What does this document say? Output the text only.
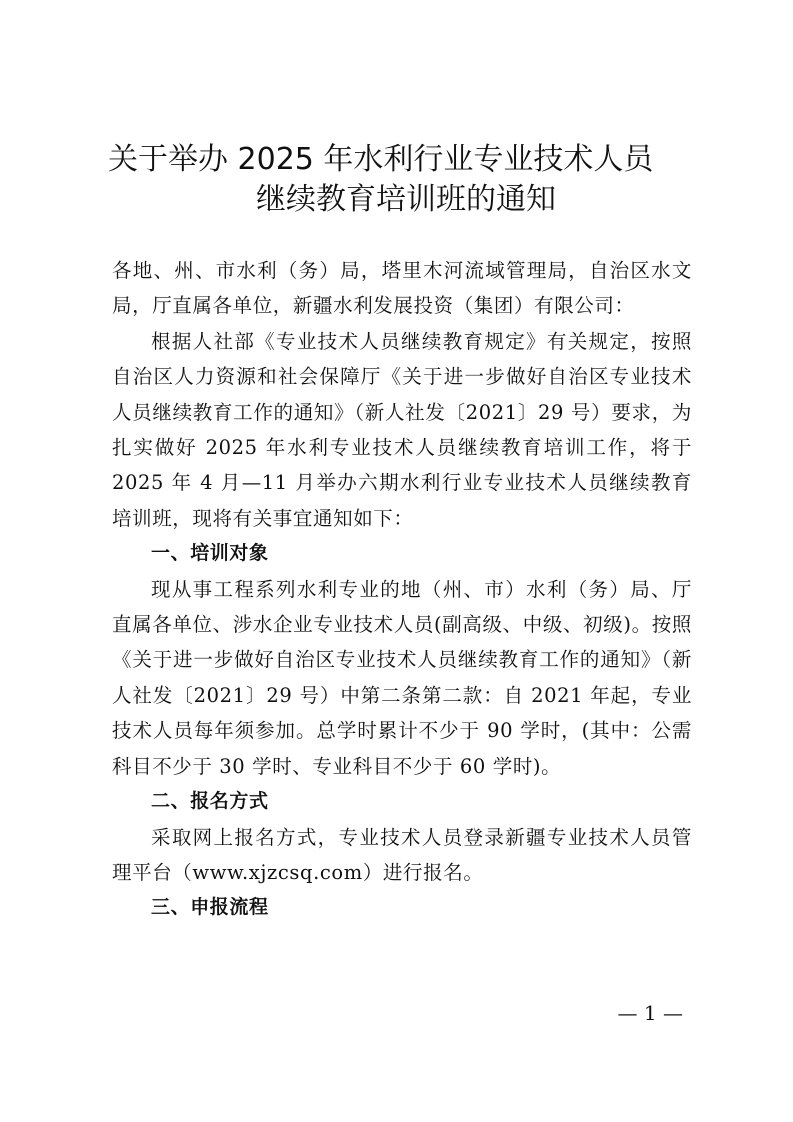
关于举办 2025 年水利行业专业技术人员
继续教育培训班的通知

各地、州、市水利（务）局，塔里木河流域管理局，自治区水文局，厅直属各单位，新疆水利发展投资（集团）有限公司：

根据人社部《专业技术人员继续教育规定》有关规定，按照自治区人力资源和社会保障厅《关于进一步做好自治区专业技术人员继续教育工作的通知》（新人社发〔2021〕29 号）要求，为扎实做好 2025 年水利专业技术人员继续教育培训工作，将于 2025 年 4 月—11 月举办六期水利行业专业技术人员继续教育培训班，现将有关事宜通知如下：

一、培训对象

现从事工程系列水利专业的地（州、市）水利（务）局、厅直属各单位、涉水企业专业技术人员(副高级、中级、初级)。按照《关于进一步做好自治区专业技术人员继续教育工作的通知》（新人社发〔2021〕29 号）中第二条第二款：自 2021 年起，专业技术人员每年须参加。总学时累计不少于 90 学时，(其中：公需科目不少于 30 学时、专业科目不少于 60 学时)。

二、报名方式

采取网上报名方式，专业技术人员登录新疆专业技术人员管理平台（www.xjzcsq.com）进行报名。

三、申报流程

— 1 —
